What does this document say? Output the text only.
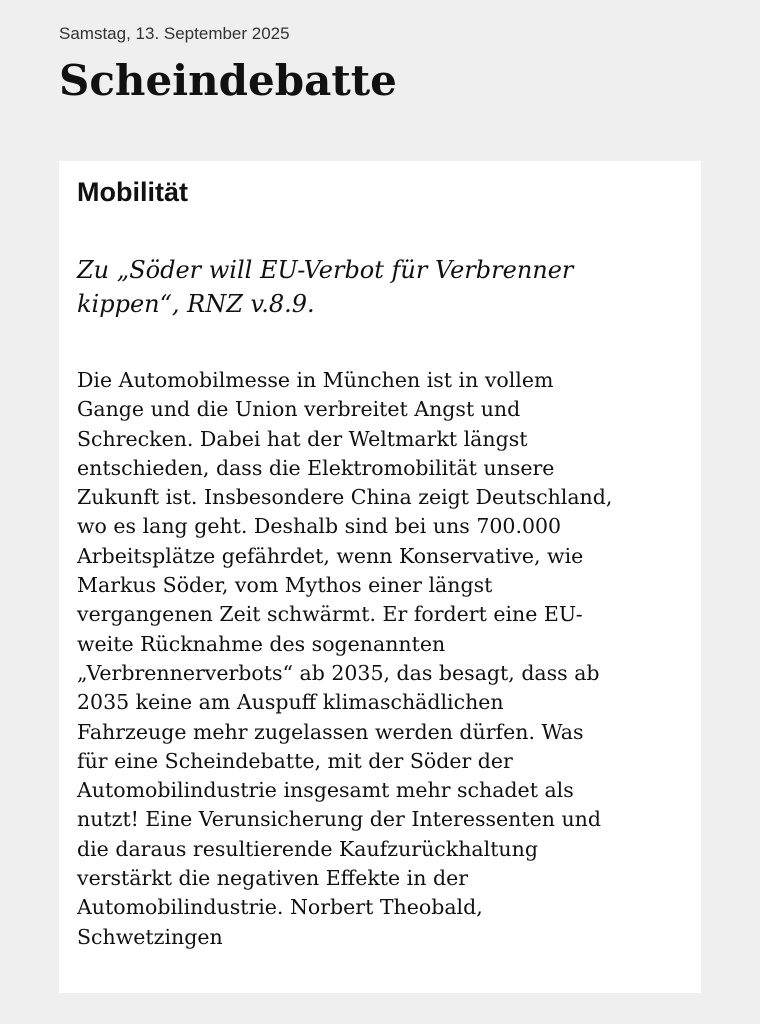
Samstag, 13. September 2025
Scheindebatte
Mobilität

Zu „Söder will EU-Verbot für Verbrenner
kippen“, RNZ v.8.9.

Die Automobilmesse in München ist in vollem
Gange und die Union verbreitet Angst und
Schrecken. Dabei hat der Weltmarkt längst
entschieden, dass die Elektromobilität unsere
Zukunft ist. Insbesondere China zeigt Deutschland,
wo es lang geht. Deshalb sind bei uns 700.000
Arbeitsplätze gefährdet, wenn Konservative, wie
Markus Söder, vom Mythos einer längst
vergangenen Zeit schwärmt. Er fordert eine EU-
weite Rücknahme des sogenannten
„Verbrennerverbots“ ab 2035, das besagt, dass ab
2035 keine am Auspuff klimaschädlichen
Fahrzeuge mehr zugelassen werden dürfen. Was
für eine Scheindebatte, mit der Söder der
Automobilindustrie insgesamt mehr schadet als
nutzt! Eine Verunsicherung der Interessenten und
die daraus resultierende Kaufzurückhaltung
verstärkt die negativen Effekte in der
Automobilindustrie. Norbert Theobald,
Schwetzingen
